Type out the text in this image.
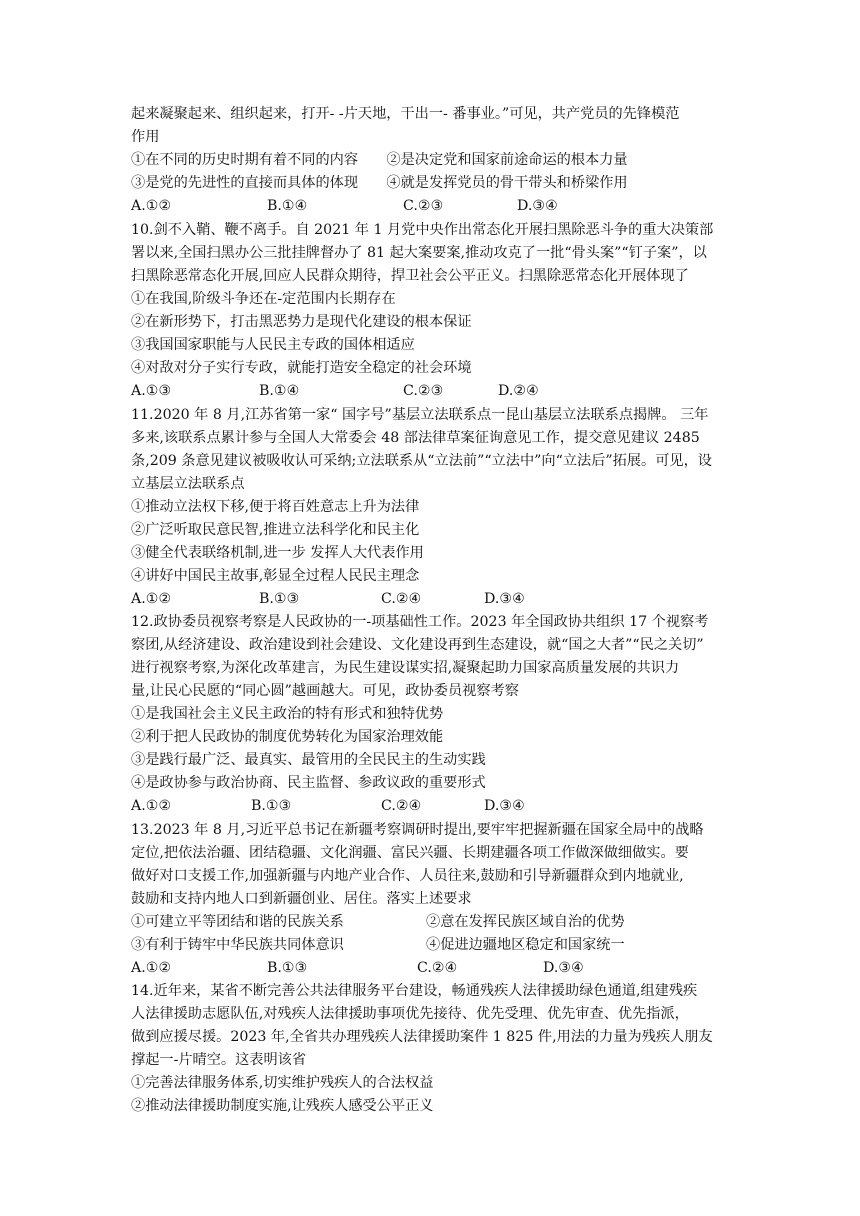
起来凝聚起来、组织起来，打开- -片天地，干出一- 番事业。”可见，共产党员的先锋模范
作用
①在不同的历史时期有着不同的内容　　②是决定党和国家前途命运的根本力量
③是党的先进性的直接而具体的体现　　④就是发挥党员的骨干带头和桥梁作用
A.①②	B.①④	C.②③	D.③④
10.剑不入鞘、鞭不离手。自 2021 年 1 月党中央作出常态化开展扫黑除恶斗争的重大决策部
署以来,全国扫黑办公三批挂牌督办了 81 起大案要案,推动攻克了一批“骨头案”“钉子案”，以
扫黑除恶常态化开展,回应人民群众期待，捍卫社会公平正义。扫黑除恶常态化开展体现了
①在我国,阶级斗争还在-定范围内长期存在
②在新形势下，打击黑恶势力是现代化建设的根本保证
③我国国家职能与人民民主专政的国体相适应
④对敌对分子实行专政，就能打造安全稳定的社会环境
A.①③	B.①④	C.②③	D.②④
11.2020 年 8 月,江苏省第一家“ 国字号”基层立法联系点一昆山基层立法联系点揭牌。 三年
多来,该联系点累计参与全国人大常委会 48 部法律草案征询意见工作，提交意见建议 2485
条,209 条意见建议被吸收认可采纳;立法联系从“立法前”“立法中”向“立法后”拓展。可见，设
立基层立法联系点
①推动立法权下移,便于将百姓意志上升为法律
②广泛听取民意民智,推进立法科学化和民主化
③健全代表联络机制,进一步 发挥人大代表作用
④讲好中国民主故事,彰显全过程人民民主理念
A.①②	B.①③	C.②④	D.③④
12.政协委员视察考察是人民政协的一-项基础性工作。2023 年全国政协共组织 17 个视察考
察团,从经济建设、政治建设到社会建设、文化建设再到生态建设，就“国之大者”“民之关切”
进行视察考察,为深化改革建言，为民生建设谋实招,凝聚起助力国家高质量发展的共识力
量,让民心民愿的“同心圆”越画越大。可见，政协委员视察考察
①是我国社会主义民主政治的特有形式和独特优势
②利于把人民政协的制度优势转化为国家治理效能
③是践行最广泛、最真实、最管用的全民民主的生动实践
④是政协参与政治协商、民主监督、参政议政的重要形式
A.①②	B.①③	C.②④	D.③④
13.2023 年 8 月,习近平总书记在新疆考察调研时提出,要牢牢把握新疆在国家全局中的战略
定位,把依法治疆、团结稳疆、文化润疆、富民兴疆、长期建疆各项工作做深做细做实。要
做好对口支援工作,加强新疆与内地产业合作、人员往来,鼓励和引导新疆群众到内地就业,
鼓励和支持内地人口到新疆创业、居住。落实上述要求
①可建立平等团结和谐的民族关系	②意在发挥民族区域自治的优势
③有利于铸牢中华民族共同体意识	④促进边疆地区稳定和国家统一
A.①②	B.①③	C.②④	D.③④
14.近年来，某省不断完善公共法律服务平台建设，畅通残疾人法律援助绿色通道,组建残疾
人法律援助志愿队伍,对残疾人法律援助事项优先接待、优先受理、优先审查、优先指派，
做到应援尽援。2023 年,全省共办理残疾人法律援助案件 1 825 件,用法的力量为残疾人朋友
撑起一-片晴空。这表明该省
①完善法律服务体系,切实维护残疾人的合法权益
②推动法律援助制度实施,让残疾人感受公平正义
